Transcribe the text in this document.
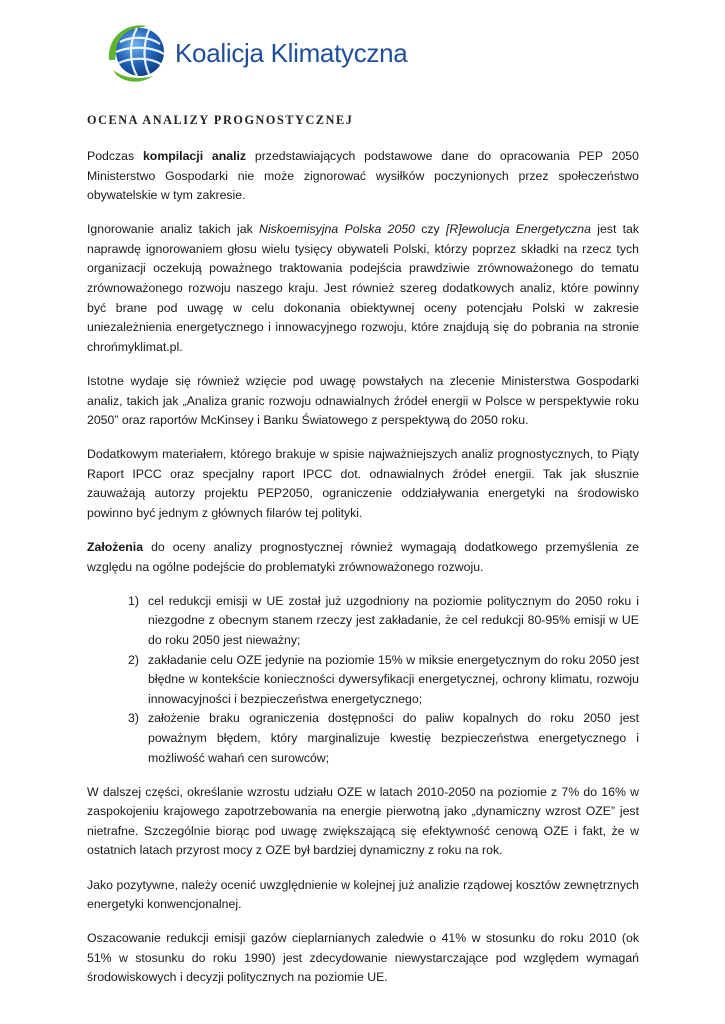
Koalicja Klimatyczna
OCENA ANALIZY PROGNOSTYCZNEJ

Podczas kompilacji analiz przedstawiających podstawowe dane do opracowania PEP 2050 Ministerstwo Gospodarki nie może zignorować wysiłków poczynionych przez społeczeństwo obywatelskie w tym zakresie.

Ignorowanie analiz takich jak Niskoemisyjna Polska 2050 czy [R]ewolucja Energetyczna jest tak naprawdę ignorowaniem głosu wielu tysięcy obywateli Polski, którzy poprzez składki na rzecz tych organizacji oczekują poważnego traktowania podejścia prawdziwie zrównoważonego do tematu zrównoważonego rozwoju naszego kraju. Jest również szereg dodatkowych analiz, które powinny być brane pod uwagę w celu dokonania obiektywnej oceny potencjału Polski w zakresie uniezależnienia energetycznego i innowacyjnego rozwoju, które znajdują się do pobrania na stronie chrońmyklimat.pl.

Istotne wydaje się również wzięcie pod uwagę powstałych na zlecenie Ministerstwa Gospodarki analiz, takich jak „Analiza granic rozwoju odnawialnych źródeł energii w Polsce w perspektywie roku 2050” oraz raportów McKinsey i Banku Światowego z perspektywą do 2050 roku.

Dodatkowym materiałem, którego brakuje w spisie najważniejszych analiz prognostycznych, to Piąty Raport IPCC oraz specjalny raport IPCC dot. odnawialnych źródeł energii. Tak jak słusznie zauważają autorzy projektu PEP2050, ograniczenie oddziaływania energetyki na środowisko powinno być jednym z głównych filarów tej polityki.

Założenia do oceny analizy prognostycznej również wymagają dodatkowego przemyślenia ze względu na ogólne podejście do problematyki zrównoważonego rozwoju.

1) cel redukcji emisji w UE został już uzgodniony na poziomie politycznym do 2050 roku i niezgodne z obecnym stanem rzeczy jest zakładanie, że cel redukcji 80-95% emisji w UE do roku 2050 jest nieważny;
2) zakładanie celu OZE jedynie na poziomie 15% w miksie energetycznym do roku 2050 jest błędne w kontekście konieczności dywersyfikacji energetycznej, ochrony klimatu, rozwoju innowacyjności i bezpieczeństwa energetycznego;
3) założenie braku ograniczenia dostępności do paliw kopalnych do roku 2050 jest poważnym błędem, który marginalizuje kwestię bezpieczeństwa energetycznego i możliwość wahań cen surowców;

W dalszej części, określanie wzrostu udziału OZE w latach 2010-2050 na poziomie z 7% do 16% w zaspokojeniu krajowego zapotrzebowania na energie pierwotną jako „dynamiczny wzrost OZE” jest nietrafne. Szczególnie biorąc pod uwagę zwiększającą się efektywność cenową OZE i fakt, że w ostatnich latach przyrost mocy z OZE był bardziej dynamiczny z roku na rok.

Jako pozytywne, należy ocenić uwzględnienie w kolejnej już analizie rządowej kosztów zewnętrznych energetyki konwencjonalnej.

Oszacowanie redukcji emisji gazów cieplarnianych zaledwie o 41% w stosunku do roku 2010 (ok 51% w stosunku do roku 1990) jest zdecydowanie niewystarczające pod względem wymagań środowiskowych i decyzji politycznych na poziomie UE.
